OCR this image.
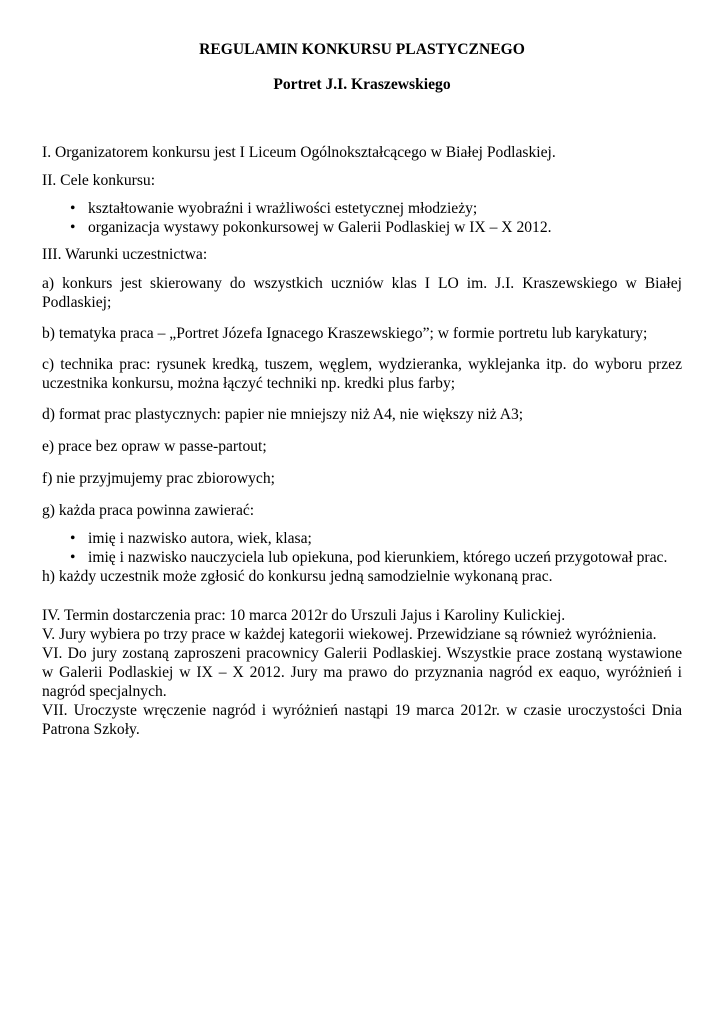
REGULAMIN KONKURSU PLASTYCZNEGO

Portret J.I. Kraszewskiego

I. Organizatorem konkursu jest I Liceum Ogólnokształcącego w Białej Podlaskiej.

II. Cele konkursu:

• kształtowanie wyobraźni i wrażliwości estetycznej młodzieży;
• organizacja wystawy pokonkursowej w Galerii Podlaskiej w IX – X 2012.

III. Warunki uczestnictwa:

a) konkurs jest skierowany do wszystkich uczniów klas I LO im. J.I. Kraszewskiego w Białej Podlaskiej;

b) tematyka praca – „Portret Józefa Ignacego Kraszewskiego”; w formie portretu lub karykatury;

c) technika prac: rysunek kredką, tuszem, węglem, wydzieranka, wyklejanka itp. do wyboru przez uczestnika konkursu, można łączyć techniki np. kredki plus farby;

d) format prac plastycznych: papier nie mniejszy niż A4, nie większy niż A3;

e) prace bez opraw w passe-partout;

f) nie przyjmujemy prac zbiorowych;

g) każda praca powinna zawierać:

• imię i nazwisko autora, wiek, klasa;
• imię i nazwisko nauczyciela lub opiekuna, pod kierunkiem, którego uczeń przygotował prac.

h) każdy uczestnik może zgłosić do konkursu jedną samodzielnie wykonaną prac.

IV. Termin dostarczenia prac: 10 marca 2012r do Urszuli Jajus i Karoliny Kulickiej.

V. Jury wybiera po trzy prace w każdej kategorii wiekowej. Przewidziane są również wyróżnienia.

VI. Do jury zostaną zaproszeni pracownicy Galerii Podlaskiej. Wszystkie prace zostaną wystawione w Galerii Podlaskiej w IX – X 2012. Jury ma prawo do przyznania nagród ex eaquo, wyróżnień i nagród specjalnych.

VII. Uroczyste wręczenie nagród i wyróżnień nastąpi 19 marca 2012r. w czasie uroczystości Dnia Patrona Szkoły.
